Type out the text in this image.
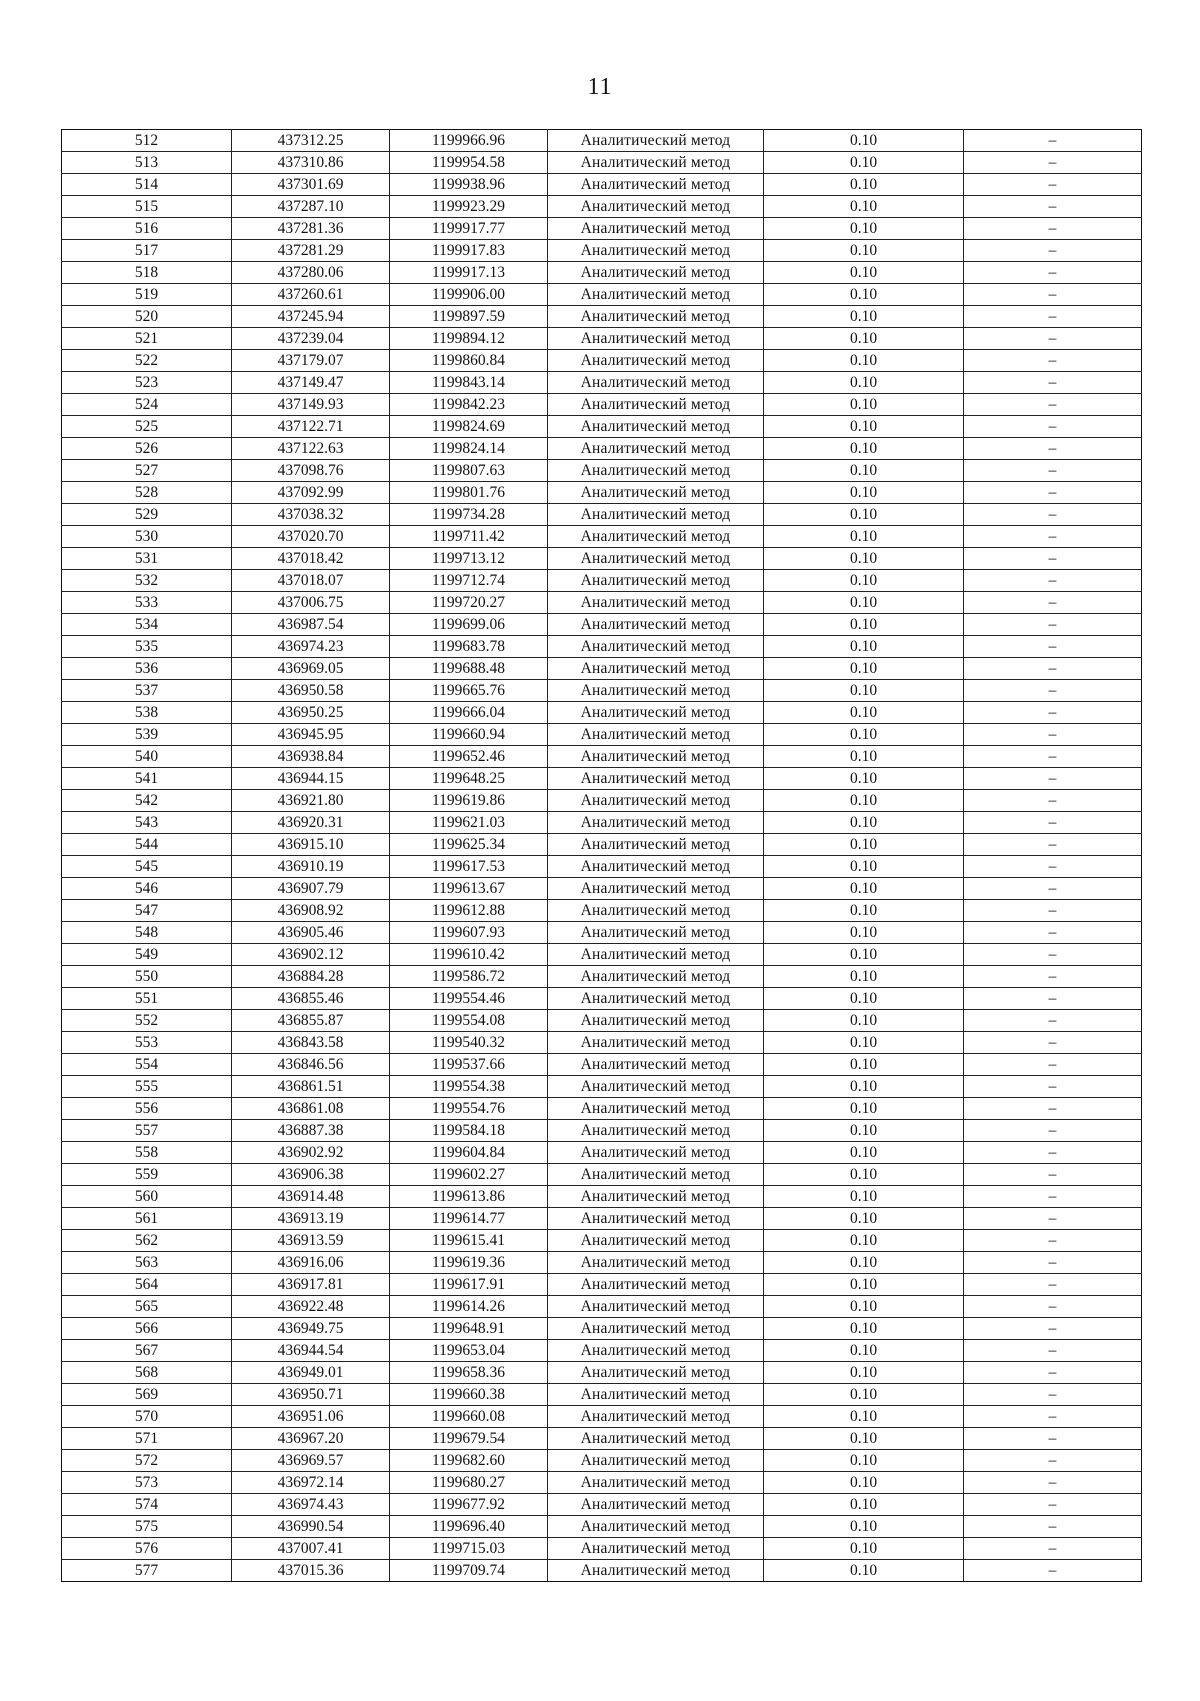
11
512	437312.25	1199966.96	Аналитический метод	0.10	–
513	437310.86	1199954.58	Аналитический метод	0.10	–
514	437301.69	1199938.96	Аналитический метод	0.10	–
515	437287.10	1199923.29	Аналитический метод	0.10	–
516	437281.36	1199917.77	Аналитический метод	0.10	–
517	437281.29	1199917.83	Аналитический метод	0.10	–
518	437280.06	1199917.13	Аналитический метод	0.10	–
519	437260.61	1199906.00	Аналитический метод	0.10	–
520	437245.94	1199897.59	Аналитический метод	0.10	–
521	437239.04	1199894.12	Аналитический метод	0.10	–
522	437179.07	1199860.84	Аналитический метод	0.10	–
523	437149.47	1199843.14	Аналитический метод	0.10	–
524	437149.93	1199842.23	Аналитический метод	0.10	–
525	437122.71	1199824.69	Аналитический метод	0.10	–
526	437122.63	1199824.14	Аналитический метод	0.10	–
527	437098.76	1199807.63	Аналитический метод	0.10	–
528	437092.99	1199801.76	Аналитический метод	0.10	–
529	437038.32	1199734.28	Аналитический метод	0.10	–
530	437020.70	1199711.42	Аналитический метод	0.10	–
531	437018.42	1199713.12	Аналитический метод	0.10	–
532	437018.07	1199712.74	Аналитический метод	0.10	–
533	437006.75	1199720.27	Аналитический метод	0.10	–
534	436987.54	1199699.06	Аналитический метод	0.10	–
535	436974.23	1199683.78	Аналитический метод	0.10	–
536	436969.05	1199688.48	Аналитический метод	0.10	–
537	436950.58	1199665.76	Аналитический метод	0.10	–
538	436950.25	1199666.04	Аналитический метод	0.10	–
539	436945.95	1199660.94	Аналитический метод	0.10	–
540	436938.84	1199652.46	Аналитический метод	0.10	–
541	436944.15	1199648.25	Аналитический метод	0.10	–
542	436921.80	1199619.86	Аналитический метод	0.10	–
543	436920.31	1199621.03	Аналитический метод	0.10	–
544	436915.10	1199625.34	Аналитический метод	0.10	–
545	436910.19	1199617.53	Аналитический метод	0.10	–
546	436907.79	1199613.67	Аналитический метод	0.10	–
547	436908.92	1199612.88	Аналитический метод	0.10	–
548	436905.46	1199607.93	Аналитический метод	0.10	–
549	436902.12	1199610.42	Аналитический метод	0.10	–
550	436884.28	1199586.72	Аналитический метод	0.10	–
551	436855.46	1199554.46	Аналитический метод	0.10	–
552	436855.87	1199554.08	Аналитический метод	0.10	–
553	436843.58	1199540.32	Аналитический метод	0.10	–
554	436846.56	1199537.66	Аналитический метод	0.10	–
555	436861.51	1199554.38	Аналитический метод	0.10	–
556	436861.08	1199554.76	Аналитический метод	0.10	–
557	436887.38	1199584.18	Аналитический метод	0.10	–
558	436902.92	1199604.84	Аналитический метод	0.10	–
559	436906.38	1199602.27	Аналитический метод	0.10	–
560	436914.48	1199613.86	Аналитический метод	0.10	–
561	436913.19	1199614.77	Аналитический метод	0.10	–
562	436913.59	1199615.41	Аналитический метод	0.10	–
563	436916.06	1199619.36	Аналитический метод	0.10	–
564	436917.81	1199617.91	Аналитический метод	0.10	–
565	436922.48	1199614.26	Аналитический метод	0.10	–
566	436949.75	1199648.91	Аналитический метод	0.10	–
567	436944.54	1199653.04	Аналитический метод	0.10	–
568	436949.01	1199658.36	Аналитический метод	0.10	–
569	436950.71	1199660.38	Аналитический метод	0.10	–
570	436951.06	1199660.08	Аналитический метод	0.10	–
571	436967.20	1199679.54	Аналитический метод	0.10	–
572	436969.57	1199682.60	Аналитический метод	0.10	–
573	436972.14	1199680.27	Аналитический метод	0.10	–
574	436974.43	1199677.92	Аналитический метод	0.10	–
575	436990.54	1199696.40	Аналитический метод	0.10	–
576	437007.41	1199715.03	Аналитический метод	0.10	–
577	437015.36	1199709.74	Аналитический метод	0.10	–
